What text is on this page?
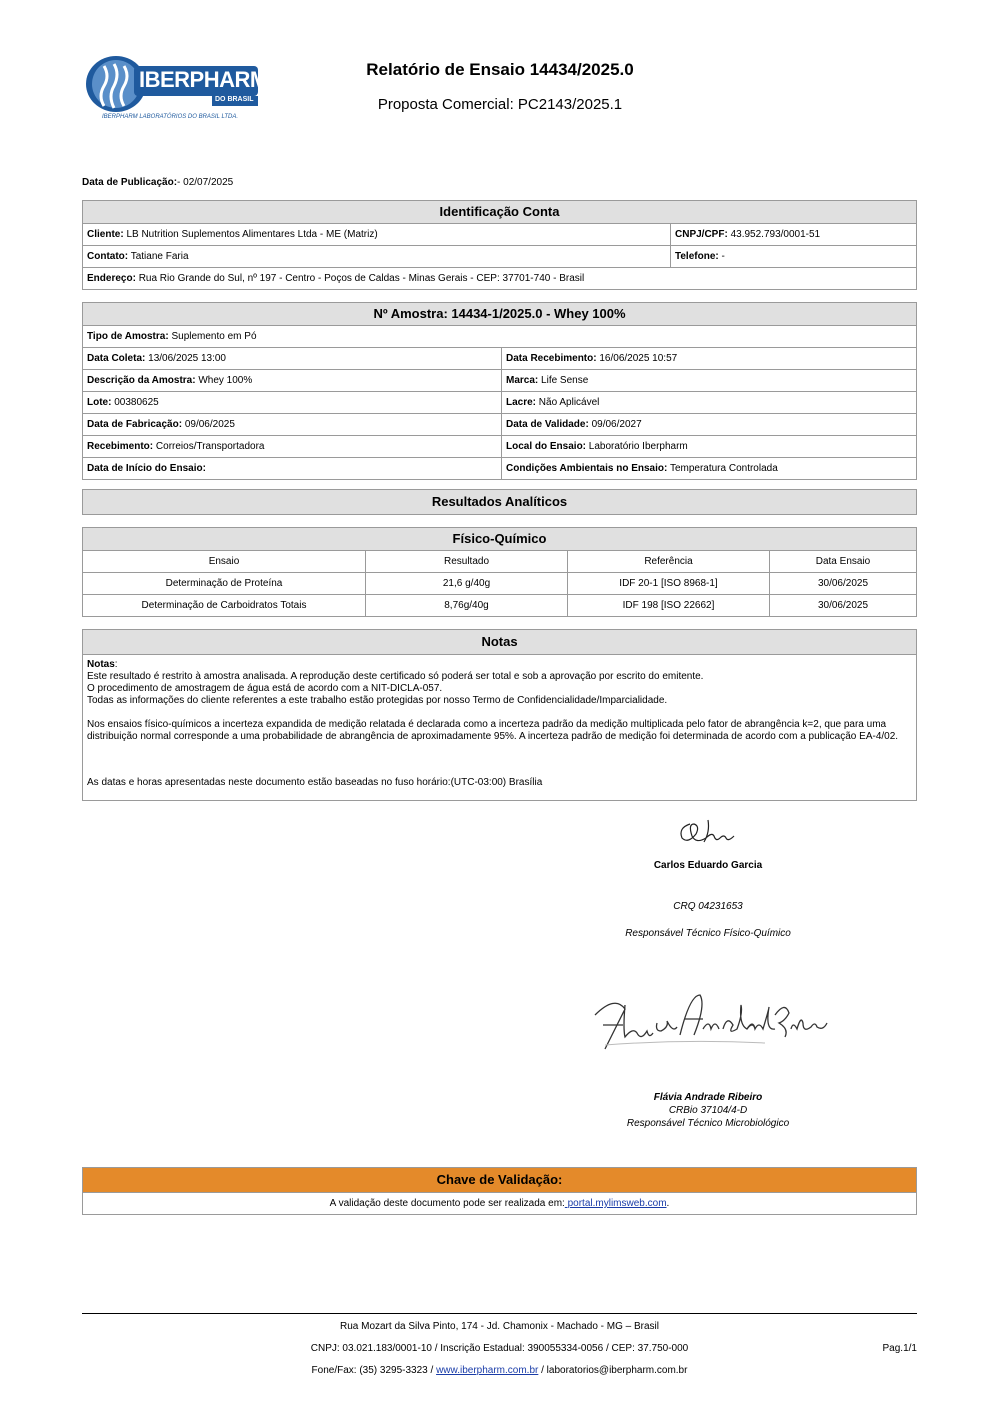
IBERPHARM
DO BRASIL
IBERPHARM LABORATÓRIOS DO BRASIL LTDA.
Relatório de Ensaio 14434/2025.0
Proposta Comercial: PC2143/2025.1
Data de Publicação:- 02/07/2025
Identificação Conta
Cliente: LB Nutrition Suplementos Alimentares Ltda - ME (Matriz)	CNPJ/CPF: 43.952.793/0001-51
Contato: Tatiane Faria	Telefone: -
Endereço: Rua Rio Grande do Sul, nº 197 - Centro - Poços de Caldas - Minas Gerais - CEP: 37701-740 - Brasil
Nº Amostra: 14434-1/2025.0 - Whey 100%
Tipo de Amostra: Suplemento em Pó
Data Coleta: 13/06/2025 13:00	Data Recebimento: 16/06/2025 10:57
Descrição da Amostra: Whey 100%	Marca: Life Sense
Lote: 00380625	Lacre: Não Aplicável
Data de Fabricação: 09/06/2025	Data de Validade: 09/06/2027
Recebimento: Correios/Transportadora	Local do Ensaio: Laboratório Iberpharm
Data de Início do Ensaio:	Condições Ambientais no Ensaio: Temperatura Controlada
Resultados Analíticos
Físico-Químico
Ensaio	Resultado	Referência	Data Ensaio
Determinação de Proteína	21,6 g/40g	IDF 20-1 [ISO 8968-1]	30/06/2025
Determinação de Carboidratos Totais	8,76g/40g	IDF 198 [ISO 22662]	30/06/2025
Notas

Notas:

Este resultado é restrito à amostra analisada. A reprodução deste certificado só poderá ser total e sob a aprovação por escrito do emitente.

O procedimento de amostragem de água está de acordo com a NIT-DICLA-057.

Todas as informações do cliente referentes a este trabalho estão protegidas por nosso Termo de Confidencialidade/Imparcialidade.

Nos ensaios físico-químicos a incerteza expandida de medição relatada é declarada como a incerteza padrão da medição multiplicada pelo fator de abrangência k=2, que para uma distribuição normal corresponde a uma probabilidade de abrangência de aproximadamente 95%. A incerteza padrão de medição foi determinada de acordo com a publicação EA-4/02.

As datas e horas apresentadas neste documento estão baseadas no fuso horário:(UTC-03:00) Brasília

Carlos Eduardo Garcia
CRQ 04231653
Responsável Técnico Físico-Químico
Flávia Andrade Ribeiro
CRBio 37104/4-D
Responsável Técnico Microbiológico
Chave de Validação:
A validação deste documento pode ser realizada em: portal.mylimsweb.com.
Rua Mozart da Silva Pinto, 174 - Jd. Chamonix - Machado - MG – Brasil
CNPJ: 03.021.183/0001-10 / Inscrição Estadual: 390055334-0056 / CEP: 37.750-000	Pag.1/1
Fone/Fax: (35) 3295-3323 / www.iberpharm.com.br / laboratorios@iberpharm.com.br
